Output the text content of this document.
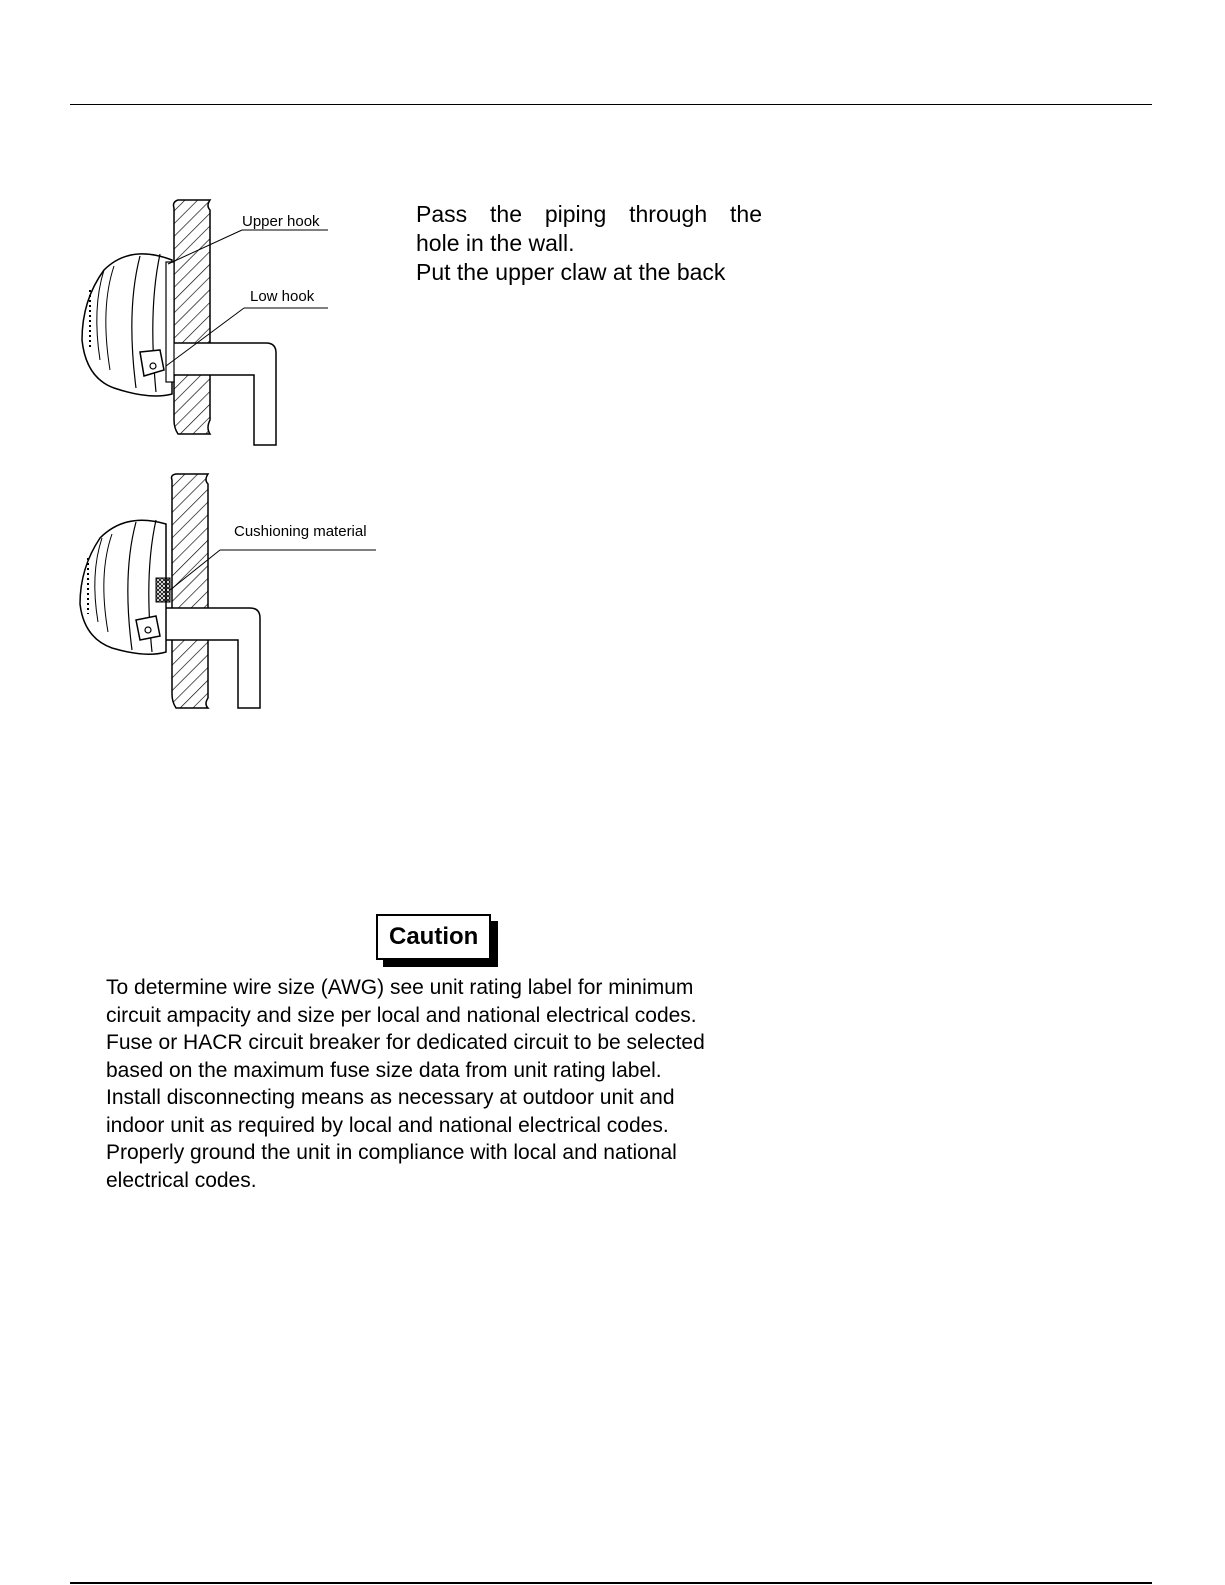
Upper hook
Low hook
Cushioning material
Pass the piping through the
hole in the wall.
Put the upper claw at the back
Caution
To determine wire size (AWG) see unit rating label for minimum
circuit ampacity and size per local and national electrical codes.
Fuse or HACR circuit breaker for dedicated circuit to be selected
based on the maximum fuse size data from unit rating label.
Install disconnecting means as necessary at outdoor unit and
indoor unit as required by local and national electrical codes.
Properly ground the unit in compliance with local and national
electrical codes.
